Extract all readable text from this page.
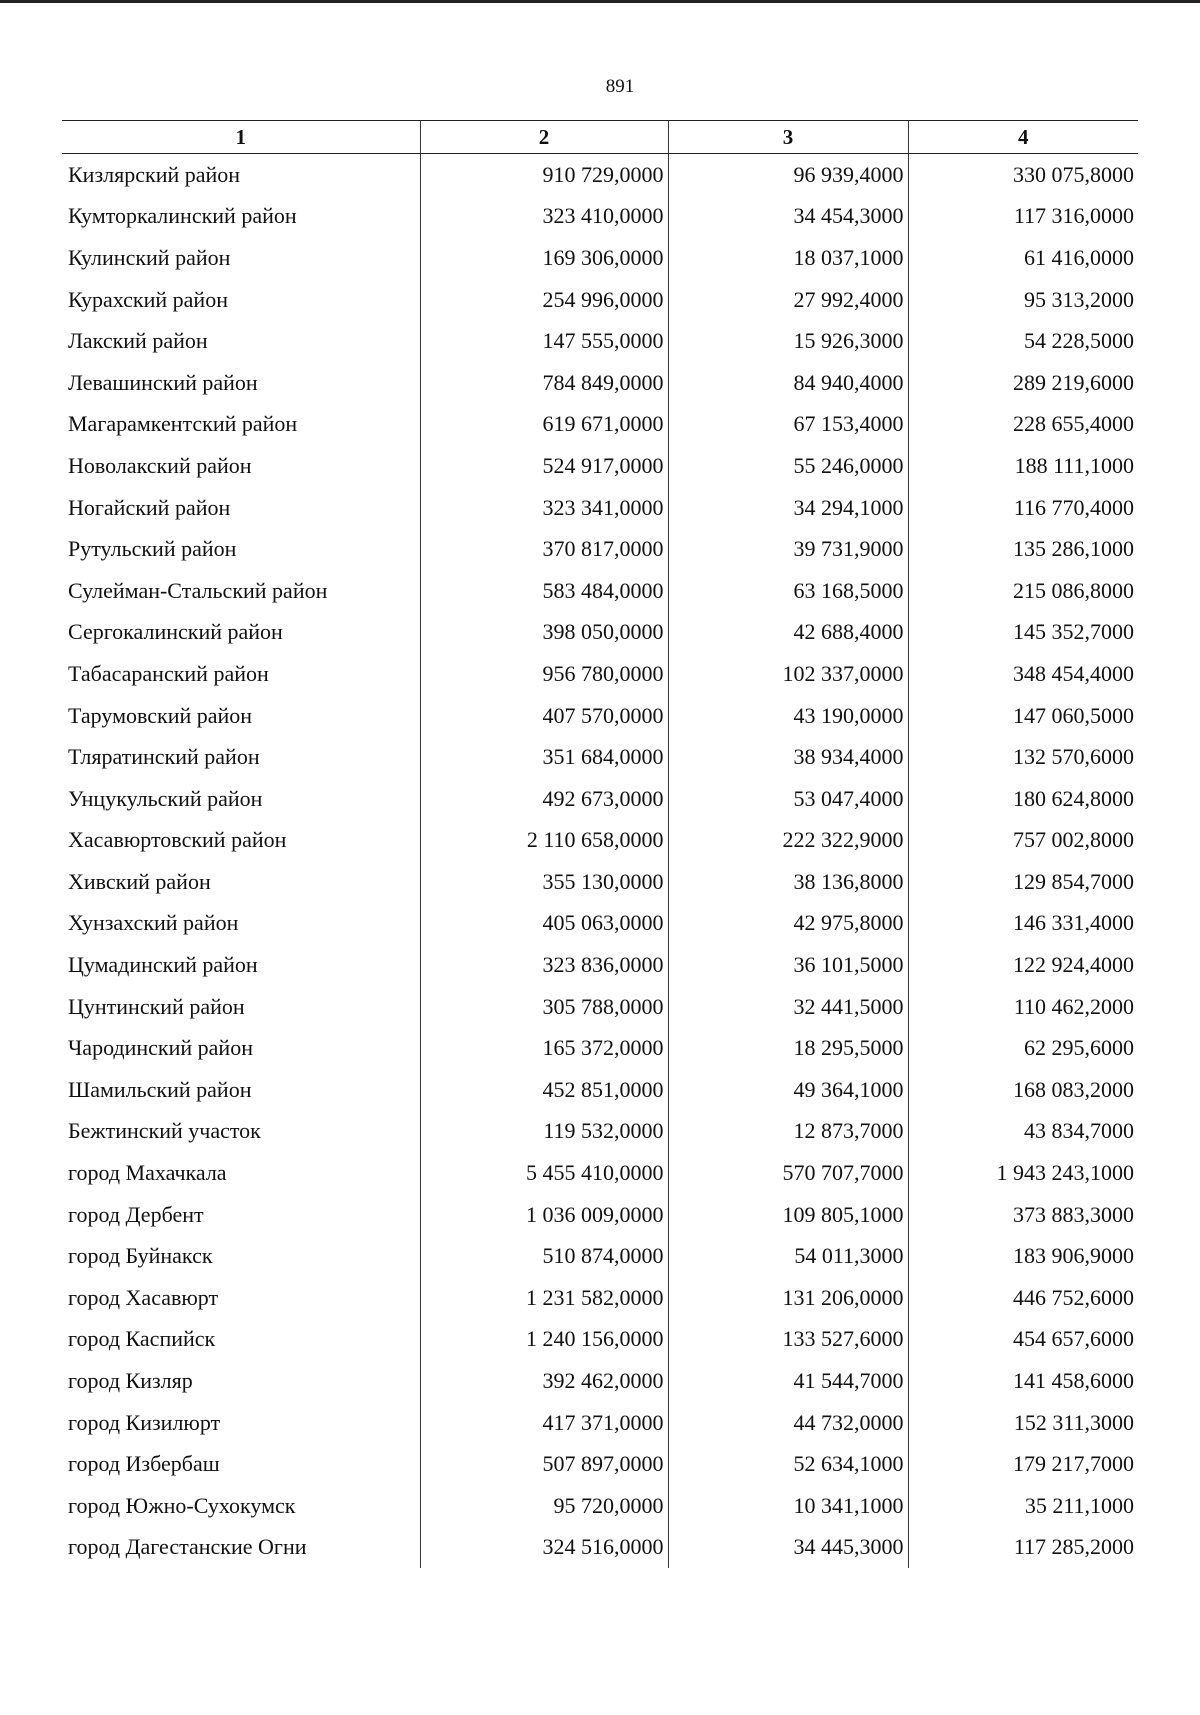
891
1	2	3	4
Кизлярский район	910 729,0000	96 939,4000	330 075,8000
Кумторкалинский район	323 410,0000	34 454,3000	117 316,0000
Кулинский район	169 306,0000	18 037,1000	61 416,0000
Курахский район	254 996,0000	27 992,4000	95 313,2000
Лакский район	147 555,0000	15 926,3000	54 228,5000
Левашинский район	784 849,0000	84 940,4000	289 219,6000
Магарамкентский район	619 671,0000	67 153,4000	228 655,4000
Новолакский район	524 917,0000	55 246,0000	188 111,1000
Ногайский район	323 341,0000	34 294,1000	116 770,4000
Рутульский район	370 817,0000	39 731,9000	135 286,1000
Сулейман-Стальский район	583 484,0000	63 168,5000	215 086,8000
Сергокалинский район	398 050,0000	42 688,4000	145 352,7000
Табасаранский район	956 780,0000	102 337,0000	348 454,4000
Тарумовский район	407 570,0000	43 190,0000	147 060,5000
Тляратинский район	351 684,0000	38 934,4000	132 570,6000
Унцукульский район	492 673,0000	53 047,4000	180 624,8000
Хасавюртовский район	2 110 658,0000	222 322,9000	757 002,8000
Хивский район	355 130,0000	38 136,8000	129 854,7000
Хунзахский район	405 063,0000	42 975,8000	146 331,4000
Цумадинский район	323 836,0000	36 101,5000	122 924,4000
Цунтинский район	305 788,0000	32 441,5000	110 462,2000
Чародинский район	165 372,0000	18 295,5000	62 295,6000
Шамильский район	452 851,0000	49 364,1000	168 083,2000
Бежтинский участок	119 532,0000	12 873,7000	43 834,7000
город Махачкала	5 455 410,0000	570 707,7000	1 943 243,1000
город Дербент	1 036 009,0000	109 805,1000	373 883,3000
город Буйнакск	510 874,0000	54 011,3000	183 906,9000
город Хасавюрт	1 231 582,0000	131 206,0000	446 752,6000
город Каспийск	1 240 156,0000	133 527,6000	454 657,6000
город Кизляр	392 462,0000	41 544,7000	141 458,6000
город Кизилюрт	417 371,0000	44 732,0000	152 311,3000
город Избербаш	507 897,0000	52 634,1000	179 217,7000
город Южно-Сухокумск	95 720,0000	10 341,1000	35 211,1000
город Дагестанские Огни	324 516,0000	34 445,3000	117 285,2000
